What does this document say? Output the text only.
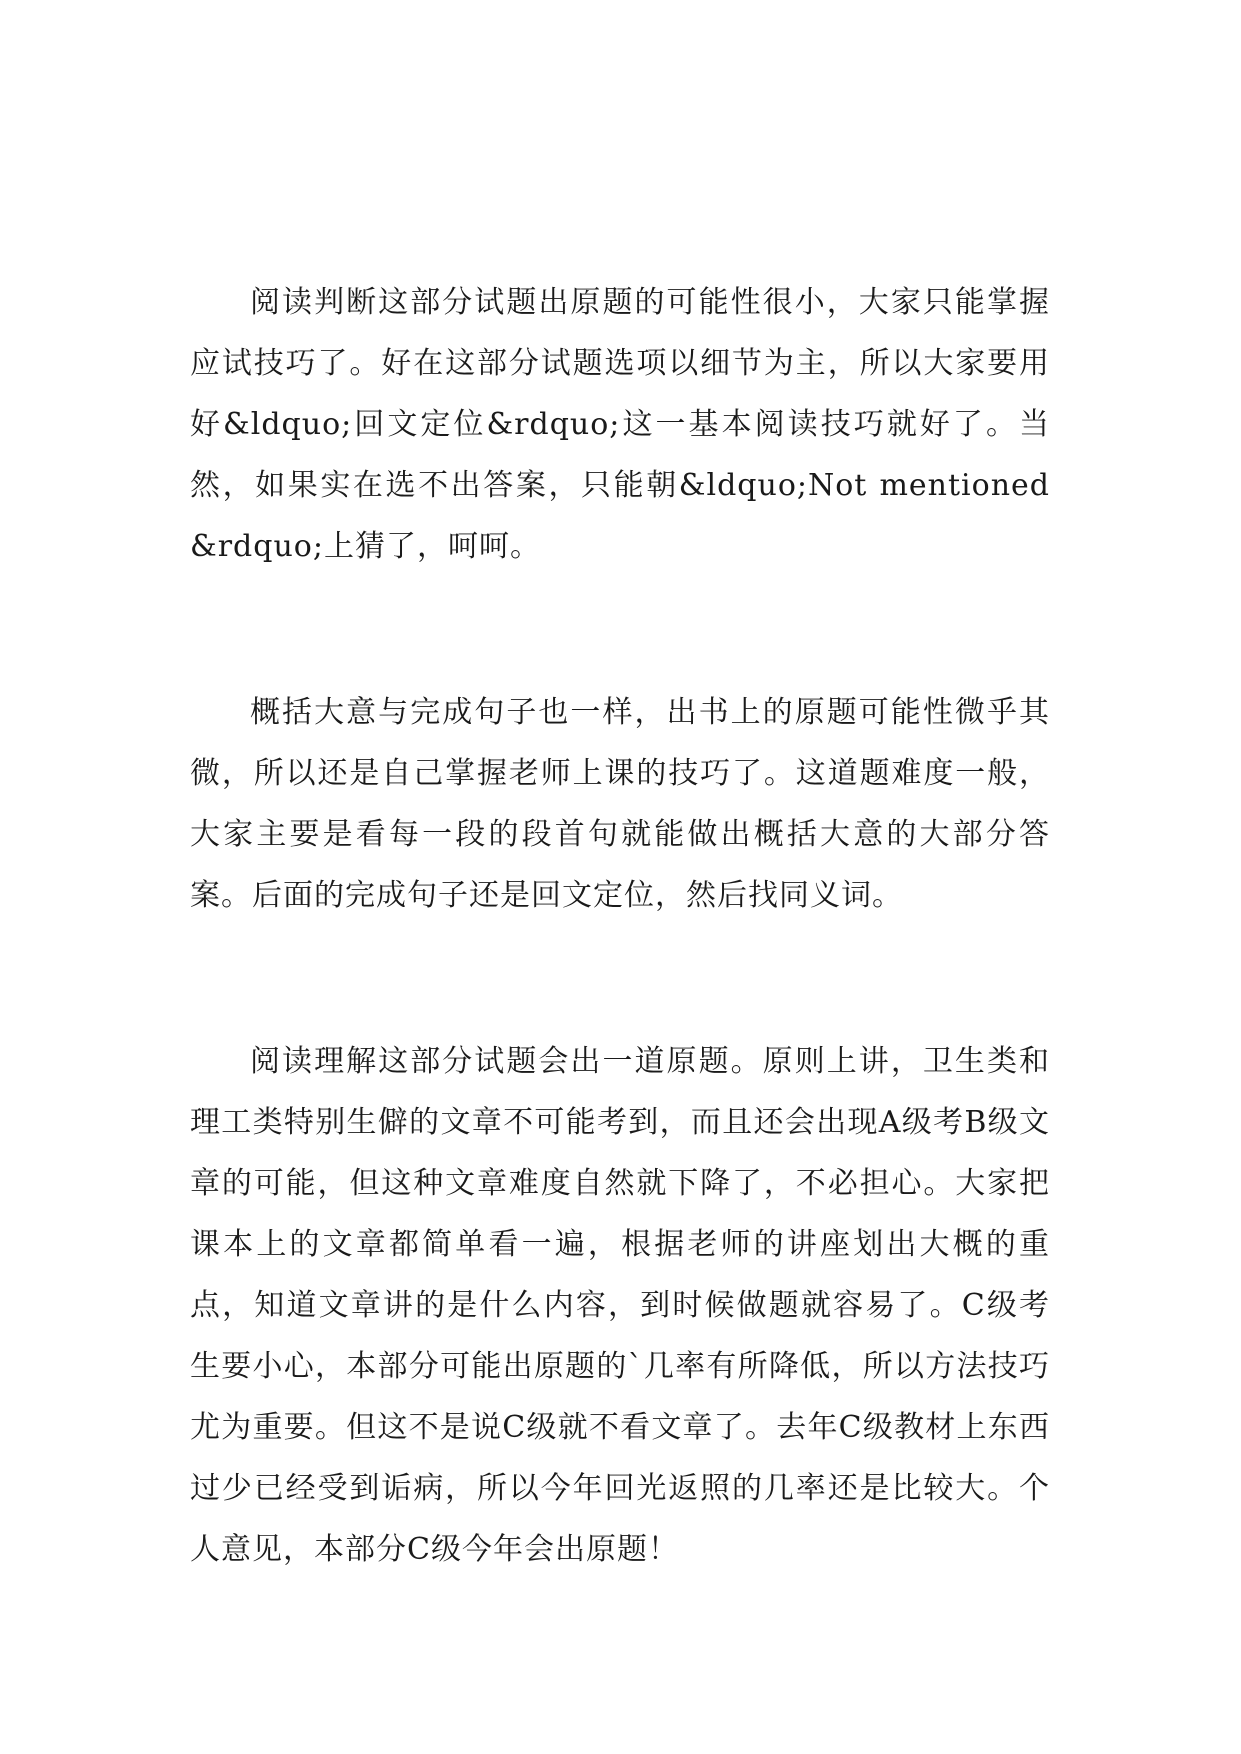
阅读判断这部分试题出原题的可能性很小，大家只能掌握应试技巧了。好在这部分试题选项以细节为主，所以大家要用好&ldquo;回文定位&rdquo;这一基本阅读技巧就好了。当然，如果实在选不出答案，只能朝&ldquo;Not mentioned&rdquo;上猜了，呵呵。

概括大意与完成句子也一样，出书上的原题可能性微乎其微，所以还是自己掌握老师上课的技巧了。这道题难度一般，大家主要是看每一段的段首句就能做出概括大意的大部分答案。后面的完成句子还是回文定位，然后找同义词。

阅读理解这部分试题会出一道原题。原则上讲，卫生类和理工类特别生僻的文章不可能考到，而且还会出现A级考B级文章的可能，但这种文章难度自然就下降了，不必担心。大家把课本上的文章都简单看一遍，根据老师的讲座划出大概的重点，知道文章讲的是什么内容，到时候做题就容易了。C级考生要小心，本部分可能出原题的`几率有所降低，所以方法技巧尤为重要。但这不是说C级就不看文章了。去年C级教材上东西过少已经受到诟病，所以今年回光返照的几率还是比较大。个人意见，本部分C级今年会出原题！
